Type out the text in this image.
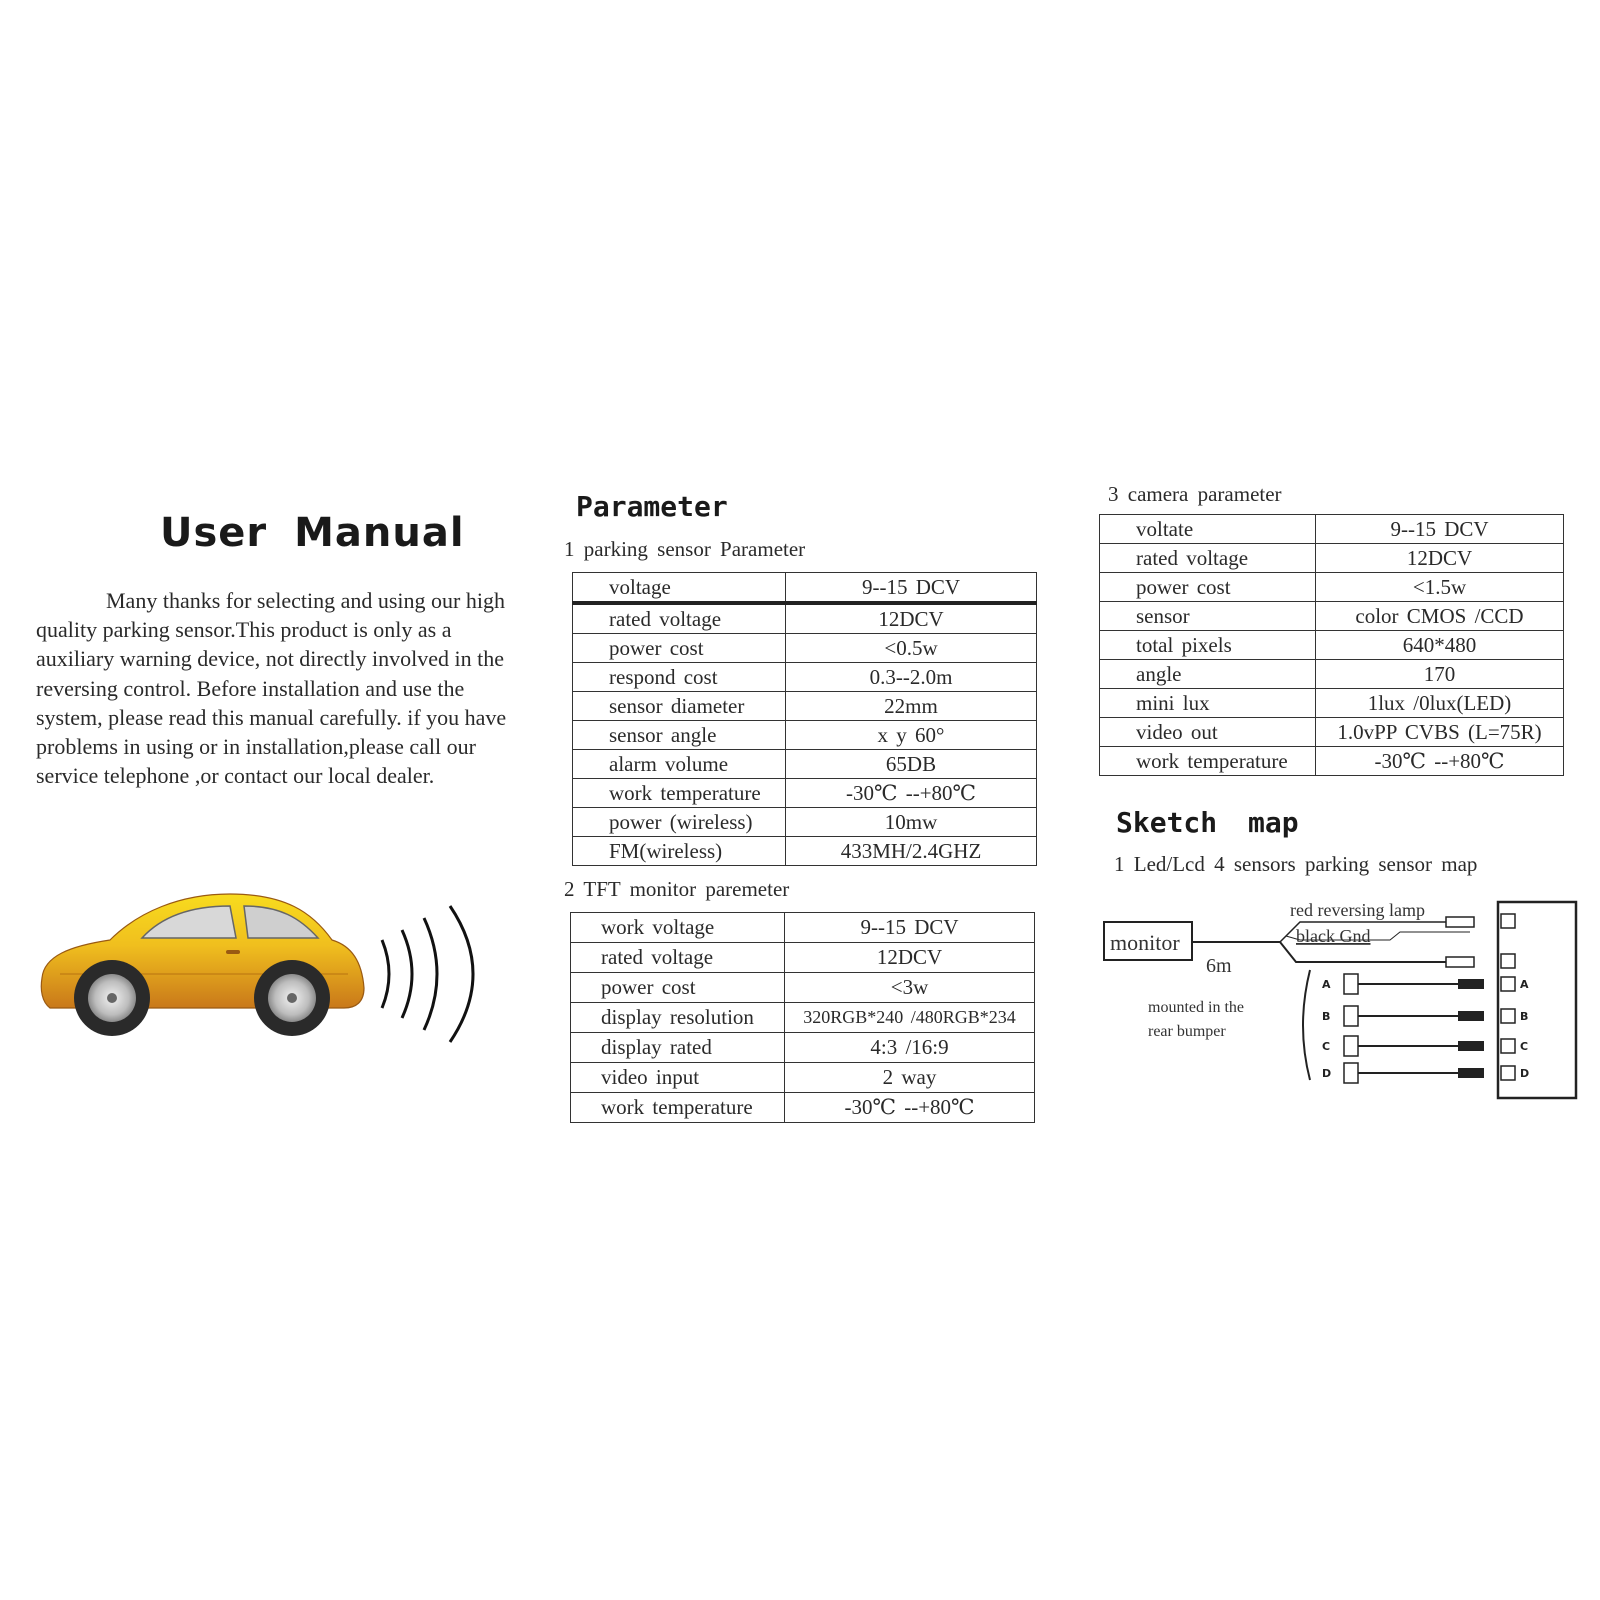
User Manual

Many thanks for selecting and using our high quality parking sensor.This product is only as a auxiliary warning device, not directly involved in the reversing control. Before installation and use the system, please read this manual carefully. if you have problems in using or in installation,please call our service telephone ,or contact our local dealer.

Parameter
1 parking sensor Parameter
voltage	9--15 DCV
rated voltage	12DCV
power cost	<0.5w
respond cost	0.3--2.0m
sensor diameter	22mm
sensor angle	x y 60°
alarm volume	65DB
work temperature	-30℃ --+80℃
power (wireless)	10mw
FM(wireless)	433MH/2.4GHZ
2 TFT monitor paremeter
work voltage	9--15 DCV
rated voltage	12DCV
power cost	<3w
display resolution	320RGB*240 /480RGB*234
display rated	4:3 /16:9
video input	2 way
work temperature	-30℃ --+80℃
3 camera parameter
voltate	9--15 DCV
rated voltage	12DCV
power cost	<1.5w
sensor	color CMOS /CCD
total pixels	640*480
angle	170
mini lux	1lux /0lux(LED)
video out	1.0vPP CVBS (L=75R)
work temperature	-30℃ --+80℃
Sketch map
1 Led/Lcd 4 sensors parking sensor map
monitor
6m
red reversing lamp
black Gnd
A	A
B	B
C	C
D	D
mounted in the
rear bumper
